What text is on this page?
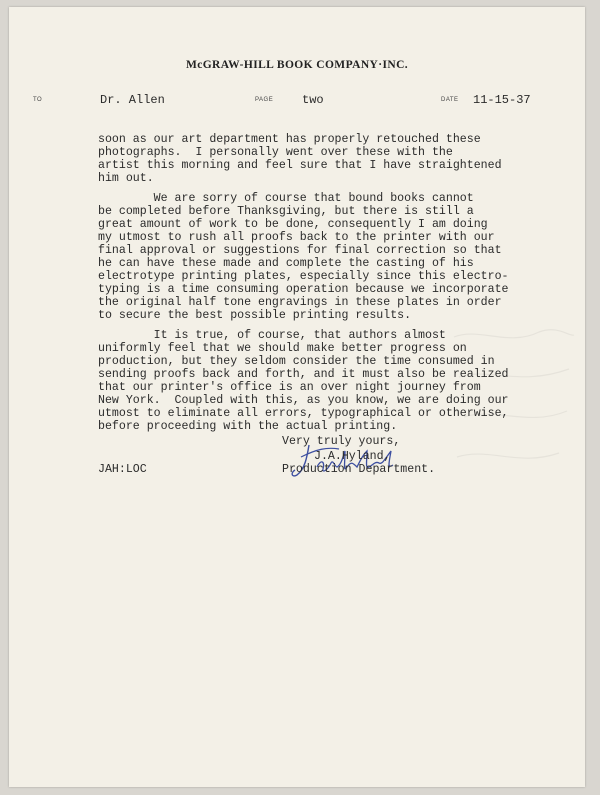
McGRAW-HILL BOOK COMPANY·INC.
TO	Dr. Allen	PAGE two	DATE 11-15-37
soon as our art department has properly retouched these
photographs.  I personally went over these with the
artist this morning and feel sure that I have straightened
him out.
We are sorry of course that bound books cannot
be completed before Thanksgiving, but there is still a
great amount of work to be done, consequently I am doing
my utmost to rush all proofs back to the printer with our
final approval or suggestions for final correction so that
he can have these made and complete the casting of his
electrotype printing plates, especially since this electro-
typing is a time consuming operation because we incorporate
the original half tone engravings in these plates in order
to secure the best possible printing results.
It is true, of course, that authors almost
uniformly feel that we should make better progress on
production, but they seldom consider the time consumed in
sending proofs back and forth, and it must also be realized
that our printer's office is an over night journey from
New York.  Coupled with this, as you know, we are doing our
utmost to eliminate all errors, typographical or otherwise,
before proceeding with the actual printing.
Very truly yours,
J.A.Hyland,
Production Department.
JAH:LOC
